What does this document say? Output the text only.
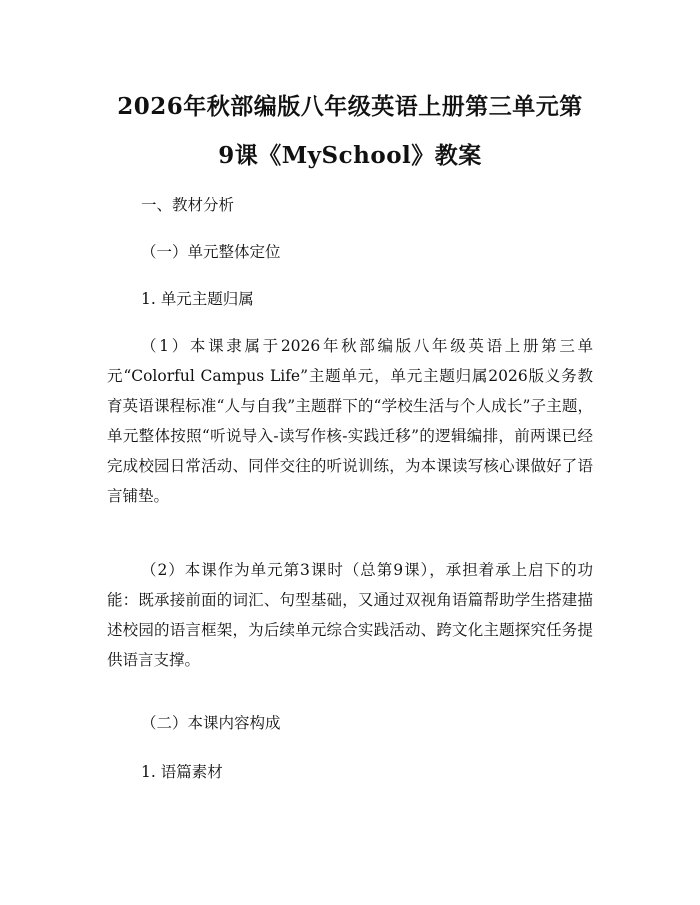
2026年秋部编版八年级英语上册第三单元第
9课《MySchool》教案

一、教材分析

（一）单元整体定位

1. 单元主题归属

（1）本课隶属于2026年秋部编版八年级英语上册第三单元“Colorful Campus Life”主题单元，单元主题归属2026版义务教育英语课程标准“人与自我”主题群下的“学校生活与个人成长”子主题，单元整体按照“听说导入-读写作核-实践迁移”的逻辑编排，前两课已经完成校园日常活动、同伴交往的听说训练，为本课读写核心课做好了语言铺垫。

（2）本课作为单元第3课时（总第9课），承担着承上启下的功能：既承接前面的词汇、句型基础，又通过双视角语篇帮助学生搭建描述校园的语言框架，为后续单元综合实践活动、跨文化主题探究任务提供语言支撑。

（二）本课内容构成

1. 语篇素材
